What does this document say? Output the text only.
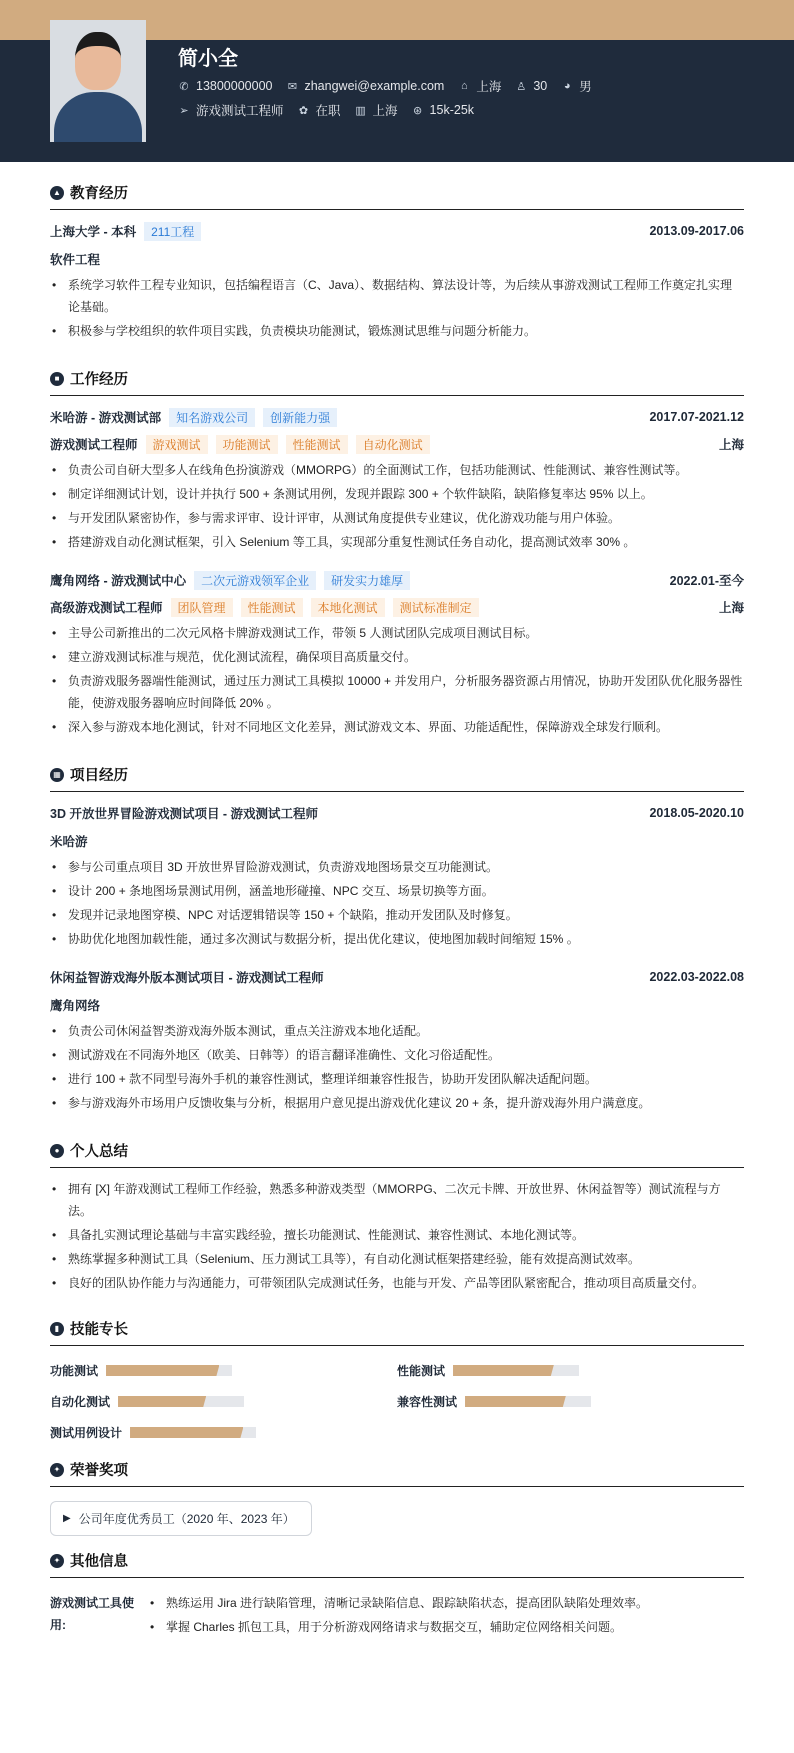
简小全
✆ 13800000000 ✉ zhangwei@example.com ⌂ 上海 ♙ 30 ◕ 男
➢ 游戏测试工程师 ✿ 在职 ▥ 上海 ⊛ 15k-25k
▲ 教育经历
上海大学 - 本科	211工程	2013.09-2017.06
软件工程
• 系统学习软件工程专业知识，包括编程语言（C、Java）、数据结构、算法设计等，为后续从事游戏测试工程师工作奠定扎实理论基础。
• 积极参与学校组织的软件项目实践，负责模块功能测试，锻炼测试思维与问题分析能力。
■ 工作经历
米哈游 - 游戏测试部	知名游戏公司	创新能力强	2017.07-2021.12
游戏测试工程师	游戏测试	功能测试	性能测试	自动化测试	上海
• 负责公司自研大型多人在线角色扮演游戏（MMORPG）的全面测试工作，包括功能测试、性能测试、兼容性测试等。
• 制定详细测试计划，设计并执行 500 + 条测试用例，发现并跟踪 300 + 个软件缺陷，缺陷修复率达 95% 以上。
• 与开发团队紧密协作，参与需求评审、设计评审，从测试角度提供专业建议，优化游戏功能与用户体验。
• 搭建游戏自动化测试框架，引入 Selenium 等工具，实现部分重复性测试任务自动化，提高测试效率 30% 。
鹰角网络 - 游戏测试中心	二次元游戏领军企业	研发实力雄厚	2022.01-至今
高级游戏测试工程师	团队管理	性能测试	本地化测试	测试标准制定	上海
• 主导公司新推出的二次元风格卡牌游戏测试工作，带领 5 人测试团队完成项目测试目标。
• 建立游戏测试标准与规范，优化测试流程，确保项目高质量交付。
• 负责游戏服务器端性能测试，通过压力测试工具模拟 10000 + 并发用户，分析服务器资源占用情况，协助开发团队优化服务器性能，使游戏服务器响应时间降低 20% 。
• 深入参与游戏本地化测试，针对不同地区文化差异，测试游戏文本、界面、功能适配性，保障游戏全球发行顺利。
▦ 项目经历
3D 开放世界冒险游戏测试项目 - 游戏测试工程师	2018.05-2020.10
米哈游
• 参与公司重点项目 3D 开放世界冒险游戏测试，负责游戏地图场景交互功能测试。
• 设计 200 + 条地图场景测试用例，涵盖地形碰撞、NPC 交互、场景切换等方面。
• 发现并记录地图穿模、NPC 对话逻辑错误等 150 + 个缺陷，推动开发团队及时修复。
• 协助优化地图加载性能，通过多次测试与数据分析，提出优化建议，使地图加载时间缩短 15% 。
休闲益智游戏海外版本测试项目 - 游戏测试工程师	2022.03-2022.08
鹰角网络
• 负责公司休闲益智类游戏海外版本测试，重点关注游戏本地化适配。
• 测试游戏在不同海外地区（欧美、日韩等）的语言翻译准确性、文化习俗适配性。
• 进行 100 + 款不同型号海外手机的兼容性测试，整理详细兼容性报告，协助开发团队解决适配问题。
• 参与游戏海外市场用户反馈收集与分析，根据用户意见提出游戏优化建议 20 + 条，提升游戏海外用户满意度。
● 个人总结
• 拥有 [X] 年游戏测试工程师工作经验，熟悉多种游戏类型（MMORPG、二次元卡牌、开放世界、休闲益智等）测试流程与方法。
• 具备扎实测试理论基础与丰富实践经验，擅长功能测试、性能测试、兼容性测试、本地化测试等。
• 熟练掌握多种测试工具（Selenium、压力测试工具等），有自动化测试框架搭建经验，能有效提高测试效率。
• 良好的团队协作能力与沟通能力，可带领团队完成测试任务，也能与开发、产品等团队紧密配合，推动项目高质量交付。
▮ 技能专长
功能测试	性能测试
自动化测试	兼容性测试
测试用例设计
✦ 荣誉奖项
▶ 公司年度优秀员工（2020 年、2023 年）
✦ 其他信息
游戏测试工具使用:
• 熟练运用 Jira 进行缺陷管理，清晰记录缺陷信息、跟踪缺陷状态，提高团队缺陷处理效率。
• 掌握 Charles 抓包工具，用于分析游戏网络请求与数据交互，辅助定位网络相关问题。
